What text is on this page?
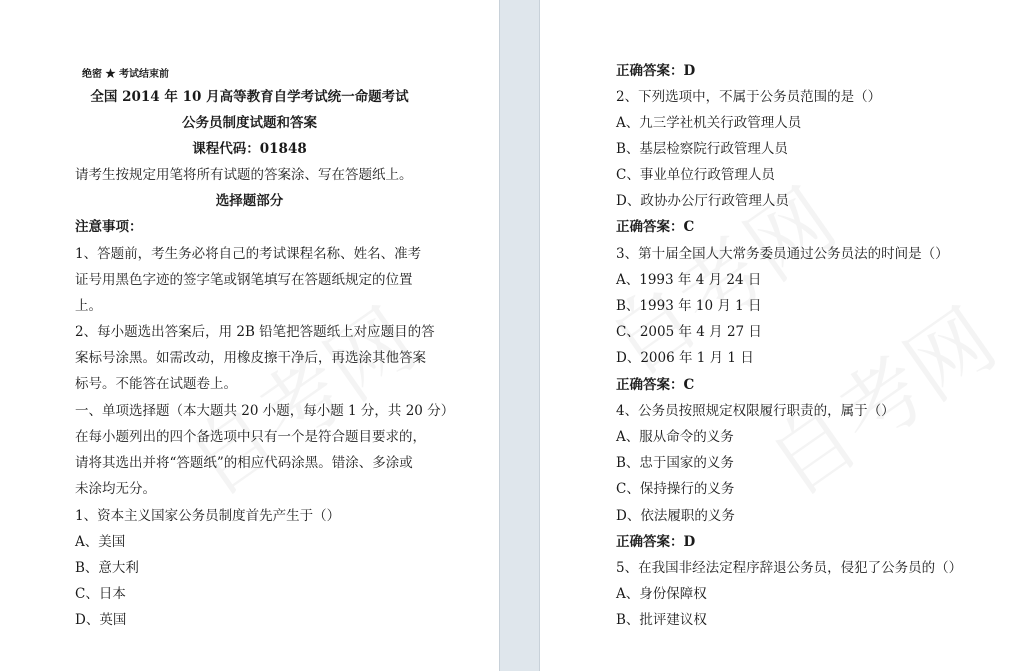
绝密 ★ 考试结束前
全国 2014 年 10 月高等教育自学考试统一命题考试
公务员制度试题和答案
课程代码：01848
请考生按规定用笔将所有试题的答案涂、写在答题纸上。
选择题部分
注意事项：
1、答题前，考生务必将自己的考试课程名称、姓名、准考
证号用黑色字迹的签字笔或钢笔填写在答题纸规定的位置
上。
2、每小题选出答案后，用 2B 铅笔把答题纸上对应题目的答
案标号涂黑。如需改动，用橡皮擦干净后，再选涂其他答案
标号。不能答在试题卷上。
一、单项选择题（本大题共 20 小题，每小题 1 分，共 20 分）
在每小题列出的四个备选项中只有一个是符合题目要求的，
请将其选出并将“答题纸”的相应代码涂黑。错涂、多涂或
未涂均无分。
1、资本主义国家公务员制度首先产生于（）
A、美国
B、意大利
C、日本
D、英国
正确答案：D
2、下列选项中，不属于公务员范围的是（）
A、九三学社机关行政管理人员
B、基层检察院行政管理人员
C、事业单位行政管理人员
D、政协办公厅行政管理人员
正确答案：C
3、第十届全国人大常务委员通过公务员法的时间是（）
A、1993 年 4 月 24 日
B、1993 年 10 月 1 日
C、2005 年 4 月 27 日
D、2006 年 1 月 1 日
正确答案：C
4、公务员按照规定权限履行职责的，属于（）
A、服从命令的义务
B、忠于国家的义务
C、保持操行的义务
D、依法履职的义务
正确答案：D
5、在我国非经法定程序辞退公务员，侵犯了公务员的（）
A、身份保障权
B、批评建议权
